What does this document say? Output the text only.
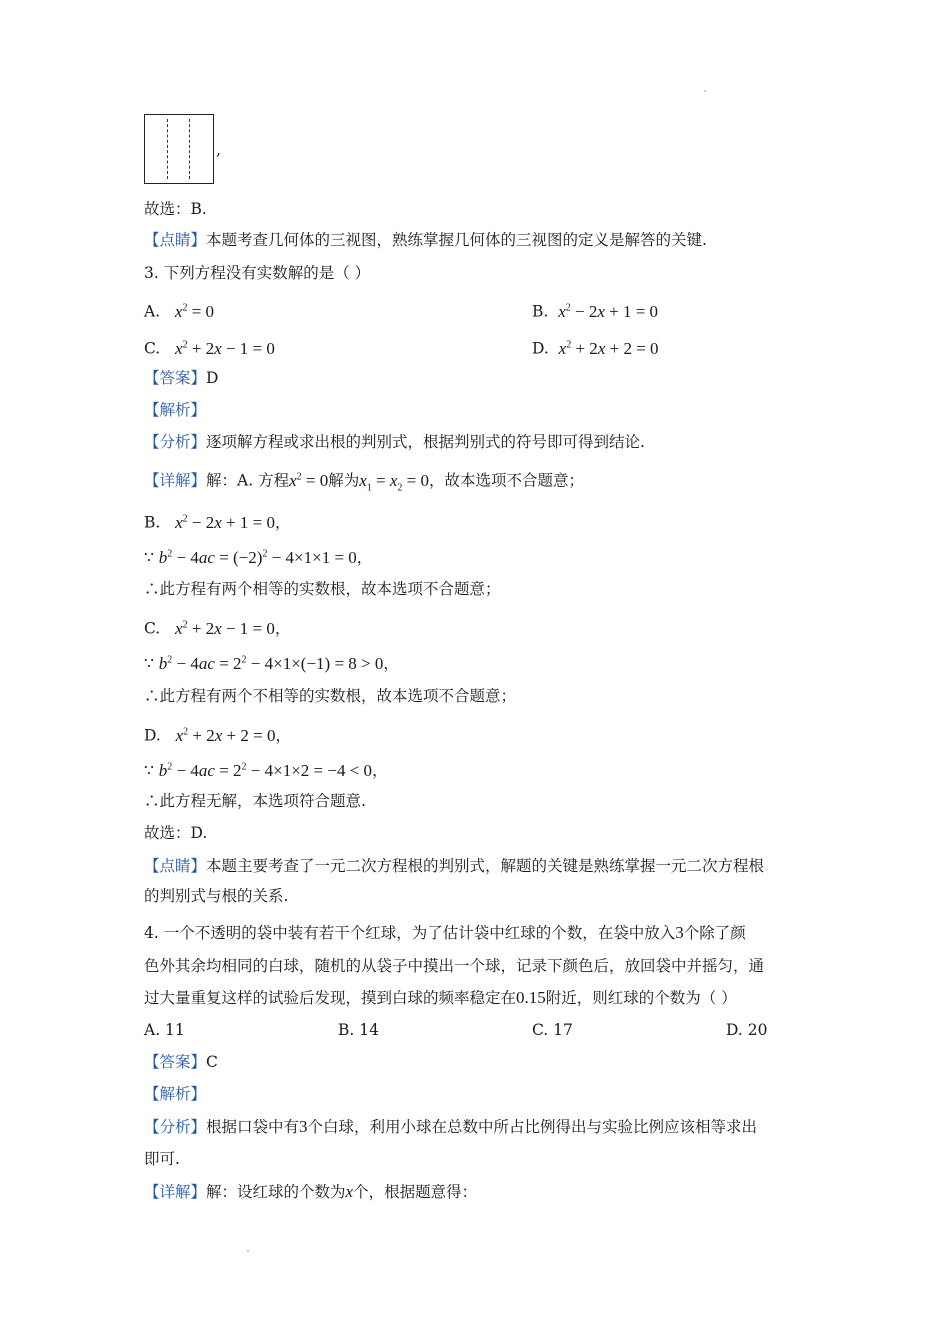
,
故选：B.
【点睛】本题考查几何体的三视图，熟练掌握几何体的三视图的定义是解答的关键.
3. 下列方程没有实数解的是（ ）
A. $x^2 = 0$	B. $x^2 - 2x + 1 = 0$
C. $x^2 + 2x - 1 = 0$	D. $x^2 + 2x + 2 = 0$
【答案】D
【解析】
【分析】逐项解方程或求出根的判别式，根据判别式的符号即可得到结论.
【详解】解：A. 方程$x^2 = 0$解为$x_1 = x_2 = 0$，故本选项不合题意；
B. $x^2 - 2x + 1 = 0$，
∵ $b^2 - 4ac = (-2)^2 - 4\times 1\times 1 = 0$，
∴此方程有两个相等的实数根，故本选项不合题意；
C. $x^2 + 2x - 1 = 0$，
∵ $b^2 - 4ac = 2^2 - 4\times 1\times(-1) = 8 > 0$，
∴此方程有两个不相等的实数根，故本选项不合题意；
D. $x^2 + 2x + 2 = 0$，
∵ $b^2 - 4ac = 2^2 - 4\times 1\times 2 = -4 < 0$，
∴此方程无解，本选项符合题意.
故选：D.
【点睛】本题主要考查了一元二次方程根的判别式，解题的关键是熟练掌握一元二次方程根
的判别式与根的关系.
4. 一个不透明的袋中装有若干个红球，为了估计袋中红球的个数，在袋中放入3个除了颜
色外其余均相同的白球，随机的从袋子中摸出一个球，记录下颜色后，放回袋中并摇匀，通
过大量重复这样的试验后发现，摸到白球的频率稳定在0.15附近，则红球的个数为（ ）
A. 11	B. 14	C. 17	D. 20
【答案】C
【解析】
【分析】根据口袋中有3个白球，利用小球在总数中所占比例得出与实验比例应该相等求出
即可.
【详解】解：设红球的个数为x个，根据题意得：
